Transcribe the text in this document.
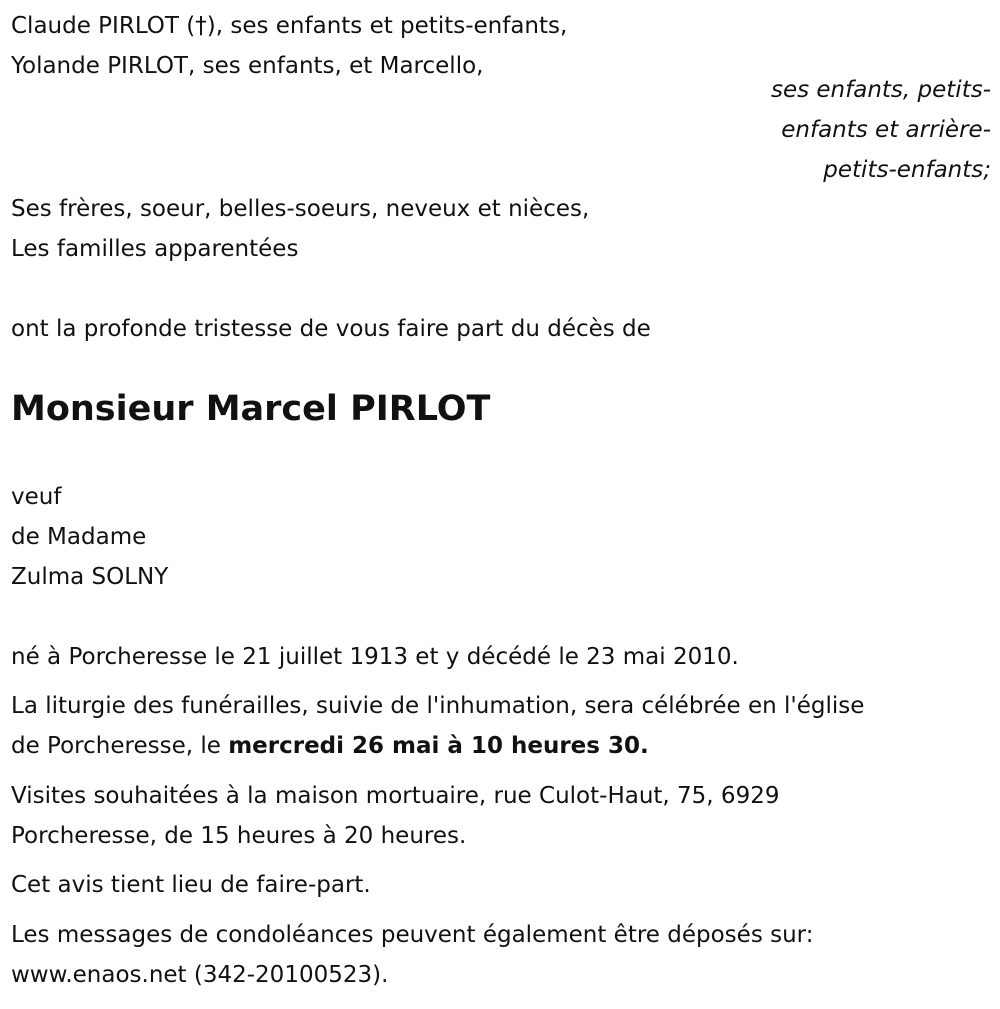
Claude PIRLOT (†), ses enfants et petits-enfants,
Yolande PIRLOT, ses enfants, et Marcello,
Ses frères, soeur, belles-soeurs, neveux et nièces,
Les familles apparentées
ont la profonde tristesse de vous faire part du décès de
Monsieur Marcel PIRLOT
veuf
de Madame
Zulma SOLNY
né à Porcheresse le 21 juillet 1913 et y décédé le 23 mai 2010.
La liturgie des funérailles, suivie de l'inhumation, sera célébrée en l'église
de Porcheresse, le mercredi 26 mai à 10 heures 30.
Visites souhaitées à la maison mortuaire, rue Culot-Haut, 75, 6929
Porcheresse, de 15 heures à 20 heures.
Cet avis tient lieu de faire-part.
Les messages de condoléances peuvent également être déposés sur:
www.enaos.net (342-20100523).
ses enfants, petits-
enfants et arrière-
petits-enfants;
